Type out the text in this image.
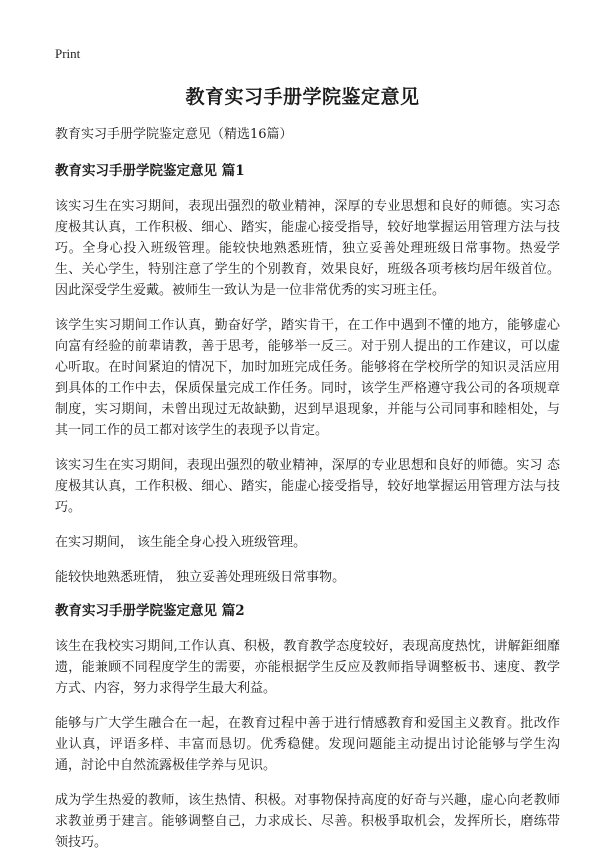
Print
教育实习手册学院鉴定意见
教育实习手册学院鉴定意见（精选16篇）
教育实习手册学院鉴定意见 篇1

该实习生在实习期间，表现出强烈的敬业精神，深厚的专业思想和良好的师德。实习态度极其认真，工作积极、细心、踏实，能虚心接受指导，较好地掌握运用管理方法与技巧。全身心投入班级管理。能较快地熟悉班情，独立妥善处理班级日常事物。热爱学生、关心学生，特别注意了学生的个别教育，效果良好，班级各项考核均居年级首位。因此深受学生爱戴。被师生一致认为是一位非常优秀的实习班主任。

该学生实习期间工作认真，勤奋好学，踏实肯干，在工作中遇到不懂的地方，能够虚心向富有经验的前辈请教，善于思考，能够举一反三。对于别人提出的工作建议，可以虚心听取。在时间紧迫的情况下，加时加班完成任务。能够将在学校所学的知识灵活应用到具体的工作中去，保质保量完成工作任务。同时，该学生严格遵守我公司的各项规章制度，实习期间，未曾出现过无故缺勤，迟到早退现象，并能与公司同事和睦相处，与其一同工作的员工都对该学生的表现予以肯定。

该实习生在实习期间，表现出强烈的敬业精神，深厚的专业思想和良好的师德。实习 态度极其认真，工作积极、细心、踏实，能虚心接受指导，较好地掌握运用管理方法与技巧。

在实习期间， 该生能全身心投入班级管理。

能较快地熟悉班情， 独立妥善处理班级日常事物。

教育实习手册学院鉴定意见 篇2

该生在我校实习期间,工作认真、积极，教育教学态度较好，表现高度热忱，讲解鉅细靡遗，能兼顾不同程度学生的需要，亦能根据学生反应及教师指导调整板书、速度、教学方式、内容，努力求得学生最大利益。

能够与广大学生融合在一起，在教育过程中善于进行情感教育和爱国主义教育。批改作业认真，评语多样、丰富而恳切。优秀稳健。发现问题能主动提出讨论能够与学生沟通，討论中自然流露极佳学养与见识。

成为学生热爱的教师，该生热情、积极。对事物保持高度的好奇与兴趣，虚心向老教师求教並勇于建言。能够调整自己，力求成长、尽善。积极爭取机会，发挥所长，磨练带领技巧。
